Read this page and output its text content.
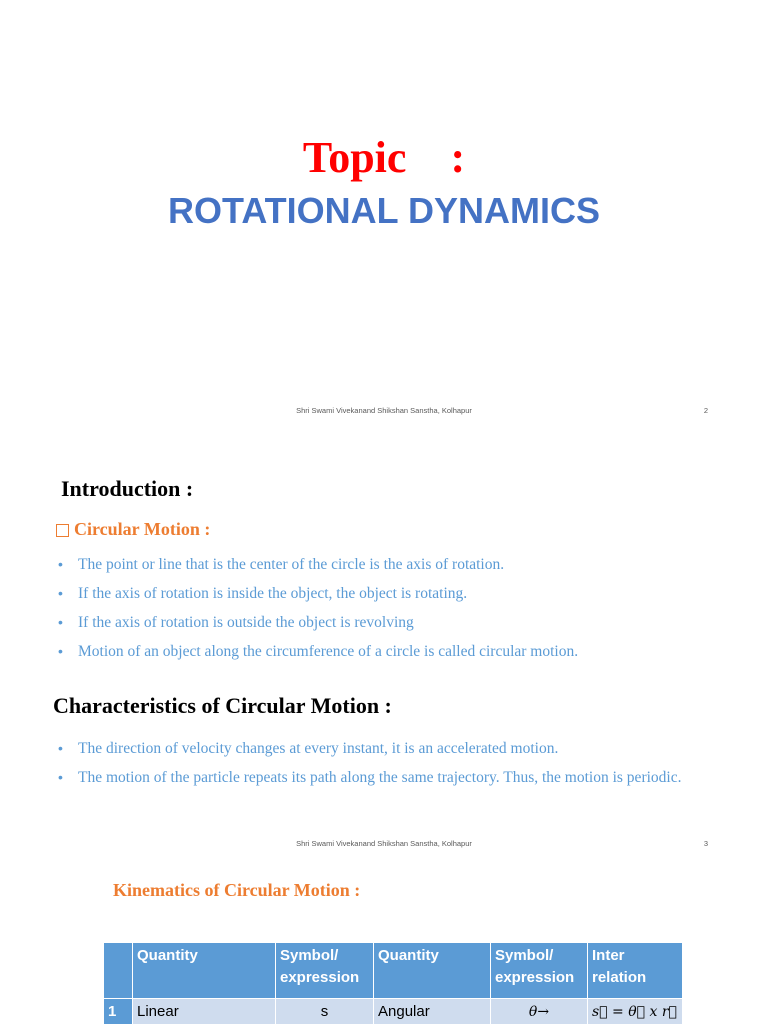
Topic :
ROTATIONAL DYNAMICS
Shri Swami Vivekanand Shikshan Sanstha, Kolhapur	2
Introduction :
Circular Motion :
• The point or line that is the center of the circle is the axis of rotation.
• If the axis of rotation is inside the object, the object is rotating.
• If the axis of rotation is outside the object is revolving
• Motion of an object along the circumference of a circle is called circular motion.
Characteristics of Circular Motion :
• The direction of velocity changes at every instant, it is an accelerated motion.
• The motion of the particle repeats its path along the same trajectory. Thus, the motion is periodic.
Shri Swami Vivekanand Shikshan Sanstha, Kolhapur	3
Kinematics of Circular Motion :
	Quantity	Symbol/ expression	Quantity	Symbol/ expression	Inter relation
1	Linear	s	Angular	θ→	s⃗ = θ⃗ x r⃗
